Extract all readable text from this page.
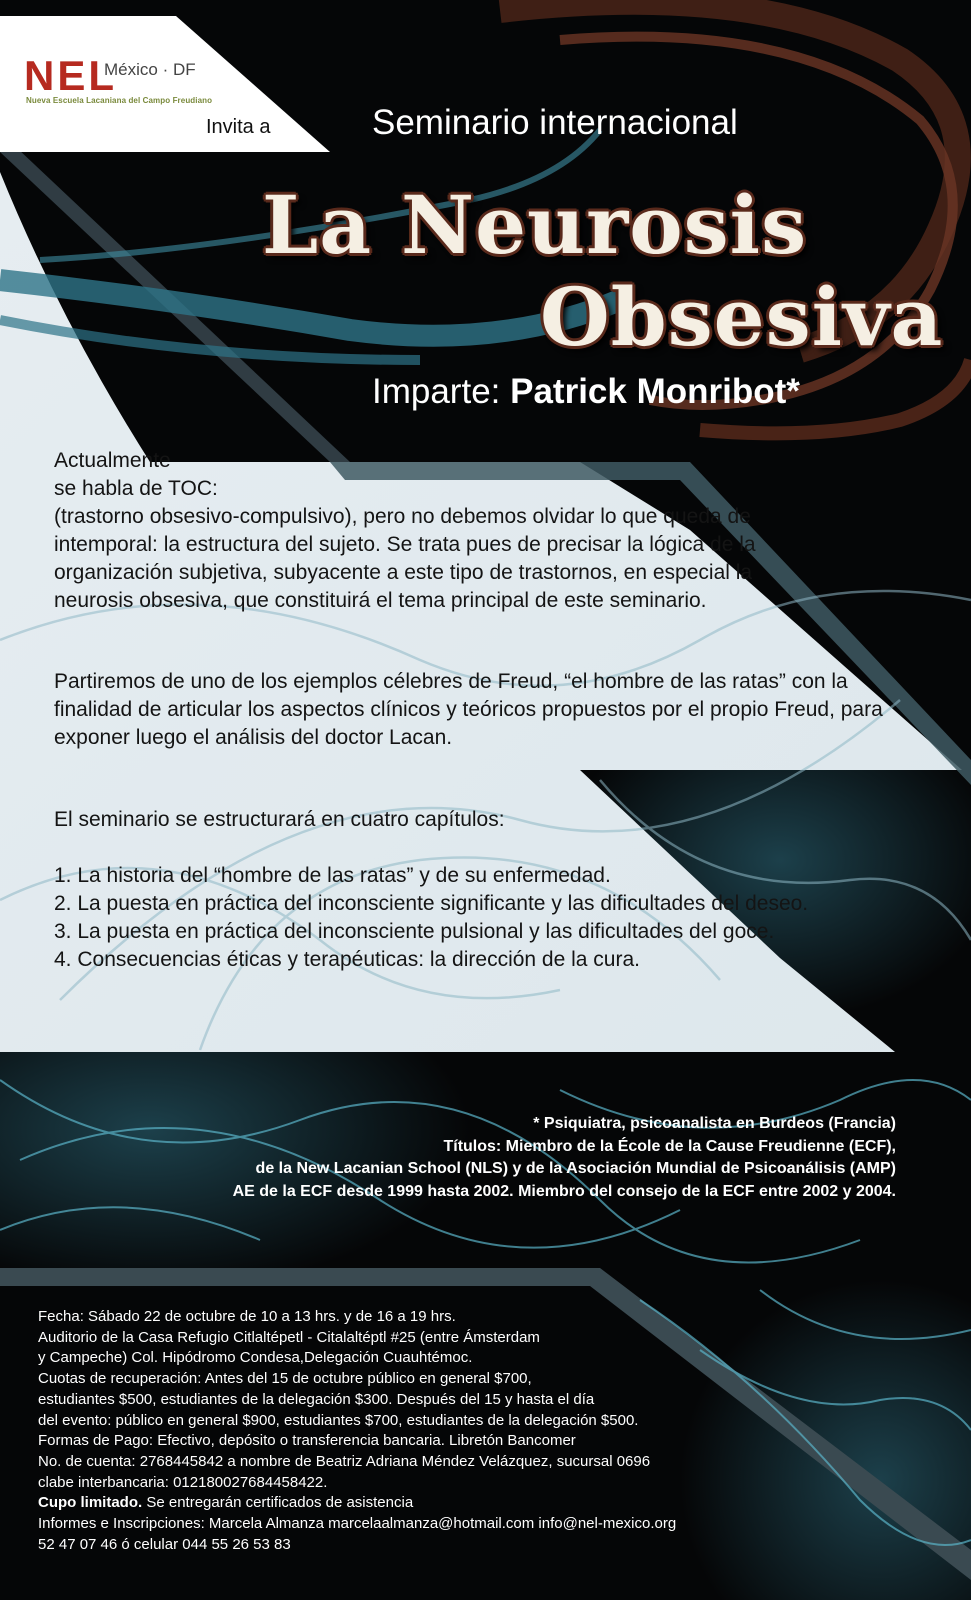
NEL
México · DF
Nueva Escuela Lacaniana del Campo Freudiano
Invita a	Seminario internacional
La Neurosis
Obsesiva
Imparte: Patrick Monribot*
Actualmente
se habla de TOC:
(trastorno obsesivo-compulsivo), pero no debemos olvidar lo que queda de intemporal: la estructura del sujeto. Se trata pues de precisar la lógica de la organización subjetiva, subyacente a este tipo de trastornos, en especial la neurosis obsesiva, que constituirá el tema principal de este seminario.
Partiremos de uno de los ejemplos célebres de Freud, “el hombre de las ratas” con la finalidad de articular los aspectos clínicos y teóricos propuestos por el propio Freud, para exponer luego el análisis del doctor Lacan.
El seminario se estructurará en cuatro capítulos:
1. La historia del “hombre de las ratas” y de su enfermedad.
2. La puesta en práctica del inconsciente significante y las dificultades del deseo.
3. La puesta en práctica del inconsciente pulsional y las dificultades del goce.
4. Consecuencias éticas y terapéuticas: la dirección de la cura.
* Psiquiatra, psicoanalista en Burdeos (Francia)
Títulos: Miembro de la École de la Cause Freudienne (ECF),
de la New Lacanian School (NLS) y de la Asociación Mundial de Psicoanálisis (AMP)
AE de la ECF desde 1999 hasta 2002. Miembro del consejo de la ECF entre 2002 y 2004.
Fecha: Sábado 22 de octubre de 10 a 13 hrs. y de 16 a 19 hrs.
Auditorio de la Casa Refugio Citlaltépetl - Citalaltéptl #25 (entre Ámsterdam
y Campeche) Col. Hipódromo Condesa,Delegación Cuauhtémoc.
Cuotas de recuperación: Antes del 15 de octubre público en general $700,
estudiantes $500, estudiantes de la delegación $300. Después del 15 y hasta el día
del evento: público en general $900, estudiantes $700, estudiantes de la delegación $500.
Formas de Pago: Efectivo, depósito o transferencia bancaria. Libretón Bancomer
No. de cuenta: 2768445842 a nombre de Beatriz Adriana Méndez Velázquez, sucursal 0696
clabe interbancaria: 012180027684458422.
Cupo limitado. Se entregarán certificados de asistencia
Informes e Inscripciones: Marcela Almanza marcelaalmanza@hotmail.com info@nel-mexico.org
52 47 07 46 ó celular 044 55 26 53 83
